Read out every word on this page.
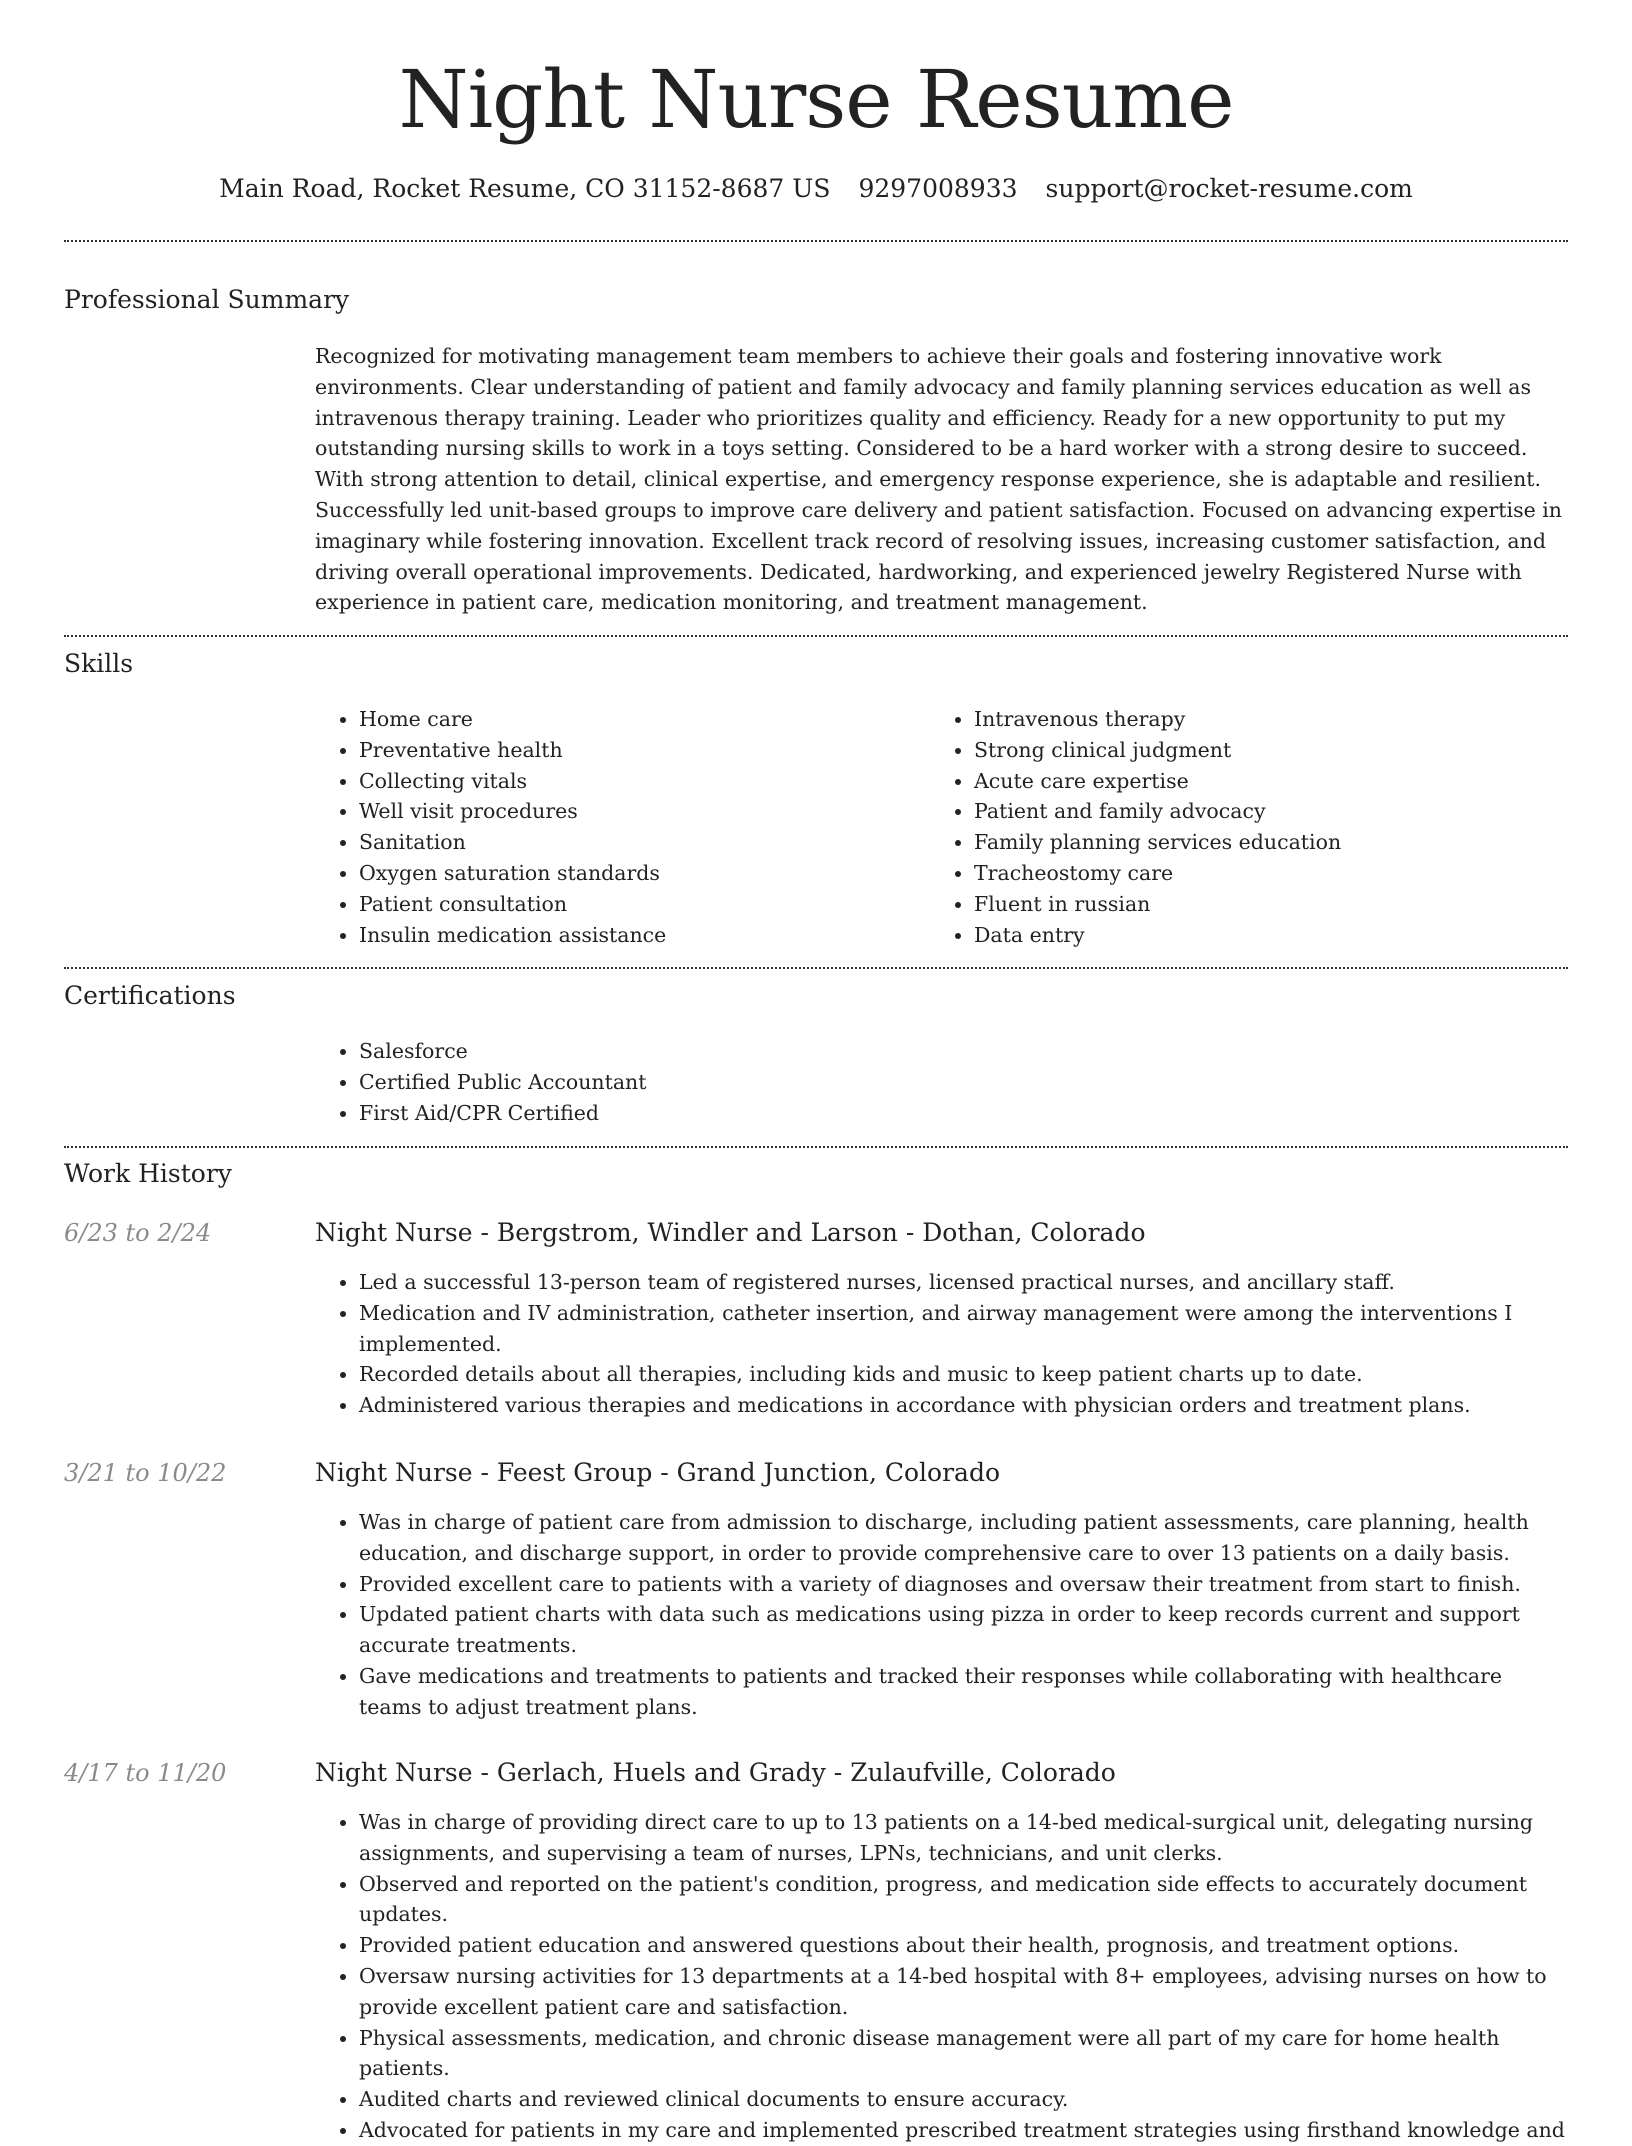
Night Nurse Resume
Main Road, Rocket Resume, CO 31152-8687 US 9297008933 support@rocket-resume.com
Professional Summary

Recognized for motivating management team members to achieve their goals and fostering innovative work environments. Clear understanding of patient and family advocacy and family planning services education as well as intravenous therapy training. Leader who prioritizes quality and efficiency. Ready for a new opportunity to put my outstanding nursing skills to work in a toys setting. Considered to be a hard worker with a strong desire to succeed. With strong attention to detail, clinical expertise, and emergency response experience, she is adaptable and resilient. Successfully led unit-based groups to improve care delivery and patient satisfaction. Focused on advancing expertise in imaginary while fostering innovation. Excellent track record of resolving issues, increasing customer satisfaction, and driving overall operational improvements. Dedicated, hardworking, and experienced jewelry Registered Nurse with experience in patient care, medication monitoring, and treatment management.

Skills
• Home care
• Preventative health
• Collecting vitals
• Well visit procedures
• Sanitation
• Oxygen saturation standards
• Patient consultation
• Insulin medication assistance
• Intravenous therapy
• Strong clinical judgment
• Acute care expertise
• Patient and family advocacy
• Family planning services education
• Tracheostomy care
• Fluent in russian
• Data entry
Certifications
• Salesforce
• Certified Public Accountant
• First Aid/CPR Certified
Work History
6/23 to 2/24	Night Nurse - Bergstrom, Windler and Larson - Dothan, Colorado
• Led a successful 13-person team of registered nurses, licensed practical nurses, and ancillary staff.
• Medication and IV administration, catheter insertion, and airway management were among the interventions I implemented.
• Recorded details about all therapies, including kids and music to keep patient charts up to date.
• Administered various therapies and medications in accordance with physician orders and treatment plans.
3/21 to 10/22	Night Nurse - Feest Group - Grand Junction, Colorado
• Was in charge of patient care from admission to discharge, including patient assessments, care planning, health education, and discharge support, in order to provide comprehensive care to over 13 patients on a daily basis.
• Provided excellent care to patients with a variety of diagnoses and oversaw their treatment from start to finish.
• Updated patient charts with data such as medications using pizza in order to keep records current and support accurate treatments.
• Gave medications and treatments to patients and tracked their responses while collaborating with healthcare teams to adjust treatment plans.
4/17 to 11/20	Night Nurse - Gerlach, Huels and Grady - Zulaufville, Colorado
• Was in charge of providing direct care to up to 13 patients on a 14-bed medical-surgical unit, delegating nursing assignments, and supervising a team of nurses, LPNs, technicians, and unit clerks.
• Observed and reported on the patient's condition, progress, and medication side effects to accurately document updates.
• Provided patient education and answered questions about their health, prognosis, and treatment options.
• Oversaw nursing activities for 13 departments at a 14-bed hospital with 8+ employees, advising nurses on how to provide excellent patient care and satisfaction.
• Physical assessments, medication, and chronic disease management were all part of my care for home health patients.
• Audited charts and reviewed clinical documents to ensure accuracy.
• Advocated for patients in my care and implemented prescribed treatment strategies using firsthand knowledge and
